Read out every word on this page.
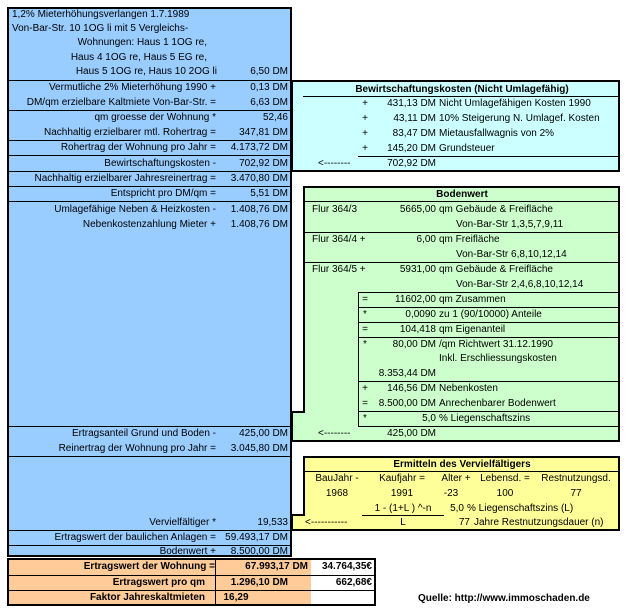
1,2% Mieterhöhungsverlangen 1.7.1989
Von-Bar-Str. 10 1OG li mit 5 Vergleichs-
Wohnungen: Haus 1 1OG re,
Haus 4 1OG re, Haus 5 EG re,
Haus 5 1OG re, Haus 10 2OG li	6,50 DM
Vermutliche 2% Mieterhöhung 1990 +	0,13 DM
DM/qm erzielbare Kaltmiete Von-Bar-Str. =	6,63 DM
qm groesse der Wohnung *	52,46
Nachhaltig erzielbarer mtl. Rohertrag =	347,81 DM
Rohertrag der Wohnung pro Jahr =	4.173,72 DM
Bewirtschaftungskosten -	702,92 DM
Nachhaltig erzielbarer Jahresreinertrag =	3.470,80 DM
Entspricht pro DM/qm =	5,51 DM
Umlagefähige Neben & Heizkosten -	1.408,76 DM
Nebenkostenzahlung Mieter +	1.408,76 DM
Ertragsanteil Grund und Boden -	425,00 DM
Reinertrag der Wohnung pro Jahr =	3.045,80 DM
Vervielfältiger *	19,533
Ertragswert der baulichen Anlagen = 59.493,17 DM
Bodenwert +	8.500,00 DM
Bewirtschaftungskosten (Nicht Umlagefähig)
+	431,13 DM Nicht Umlagefähigen Kosten 1990
+	43,11 DM 10% Steigerung N. Umlagef. Kosten
+	83,47 DM Mietausfallwagnis von 2%
+	145,20 DM Grundsteuer
<--------	702,92 DM
Bodenwert
Flur 364/3	5665,00 qm Gebäude & Freifläche
Von-Bar-Str 1,3,5,7,9,11
Flur 364/4 +	6,00 qm Freifläche
Von-Bar-Str 6,8,10,12,14
Flur 364/5 +	5931,00 qm Gebäude & Freifläche
Von-Bar-Str 2,4,6,8,10,12,14
=	11602,00 qm Zusammen
*	0,0090 zu 1 (90/10000) Anteile
=	104,418 qm Eigenanteil
*	80,00 DM /qm Richtwert 31.12.1990
Inkl. Erschliessungskosten
8.353,44 DM
+	146,56 DM Nebenkosten
=	8.500,00 DM Anrechenbarer Bodenwert
*	5,0 % Liegenschaftszins
<--------	425,00 DM
Ermitteln des Vervielfältigers
BauJahr -	Kaufjahr =	Alter + Lebensd. =	Restnutzungsd.
1968	1991	-23	100	77
1 - (1+L ) ^-n
L
5,0 % Liegenschaftszins (L)
77 Jahre Restnutzungsdauer (n)
<-----------
Ertragswert der Wohnung =	67.993,17 DM	34.764,35€
Ertragswert pro qm	1.296,10 DM	662,68€
Faktor Jahreskaltmieten	16,29	Quelle: http://www.immoschaden.de
